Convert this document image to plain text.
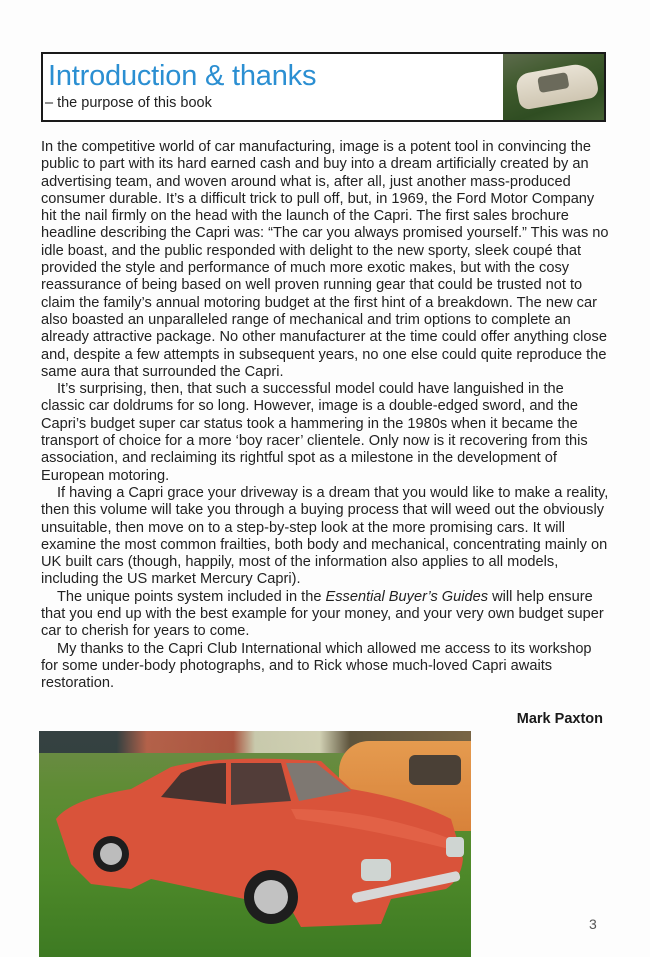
Introduction & thanks
– the purpose of this book

In the competitive world of car manufacturing, image is a potent tool in convincing the public to part with its hard earned cash and buy into a dream artificially created by an advertising team, and woven around what is, after all, just another mass-produced consumer durable. It’s a difficult trick to pull off, but, in 1969, the Ford Motor Company hit the nail firmly on the head with the launch of the Capri. The first sales brochure headline describing the Capri was: “The car you always promised yourself.” This was no idle boast, and the public responded with delight to the new sporty, sleek coupé that provided the style and performance of much more exotic makes, but with the cosy reassurance of being based on well proven running gear that could be trusted not to claim the family’s annual motoring budget at the first hint of a breakdown. The new car also boasted an unparalleled range of mechanical and trim options to complete an already attractive package. No other manufacturer at the time could offer anything close and, despite a few attempts in subsequent years, no one else could quite reproduce the same aura that surrounded the Capri.

It’s surprising, then, that such a successful model could have languished in the classic car doldrums for so long. However, image is a double-edged sword, and the Capri’s budget super car status took a hammering in the 1980s when it became the transport of choice for a more ‘boy racer’ clientele. Only now is it recovering from this association, and reclaiming its rightful spot as a milestone in the development of European motoring.

If having a Capri grace your driveway is a dream that you would like to make a reality, then this volume will take you through a buying process that will weed out the obviously unsuitable, then move on to a step-by-step look at the more promising cars. It will examine the most common frailties, both body and mechanical, concentrating mainly on UK built cars (though, happily, most of the information also applies to all models, including the US market Mercury Capri).

The unique points system included in the Essential Buyer’s Guides will help ensure that you end up with the best example for your money, and your very own budget super car to cherish for years to come.

My thanks to the Capri Club International which allowed me access to its workshop for some under-body photographs, and to Rick whose much-loved Capri awaits restoration.

Mark Paxton
3
